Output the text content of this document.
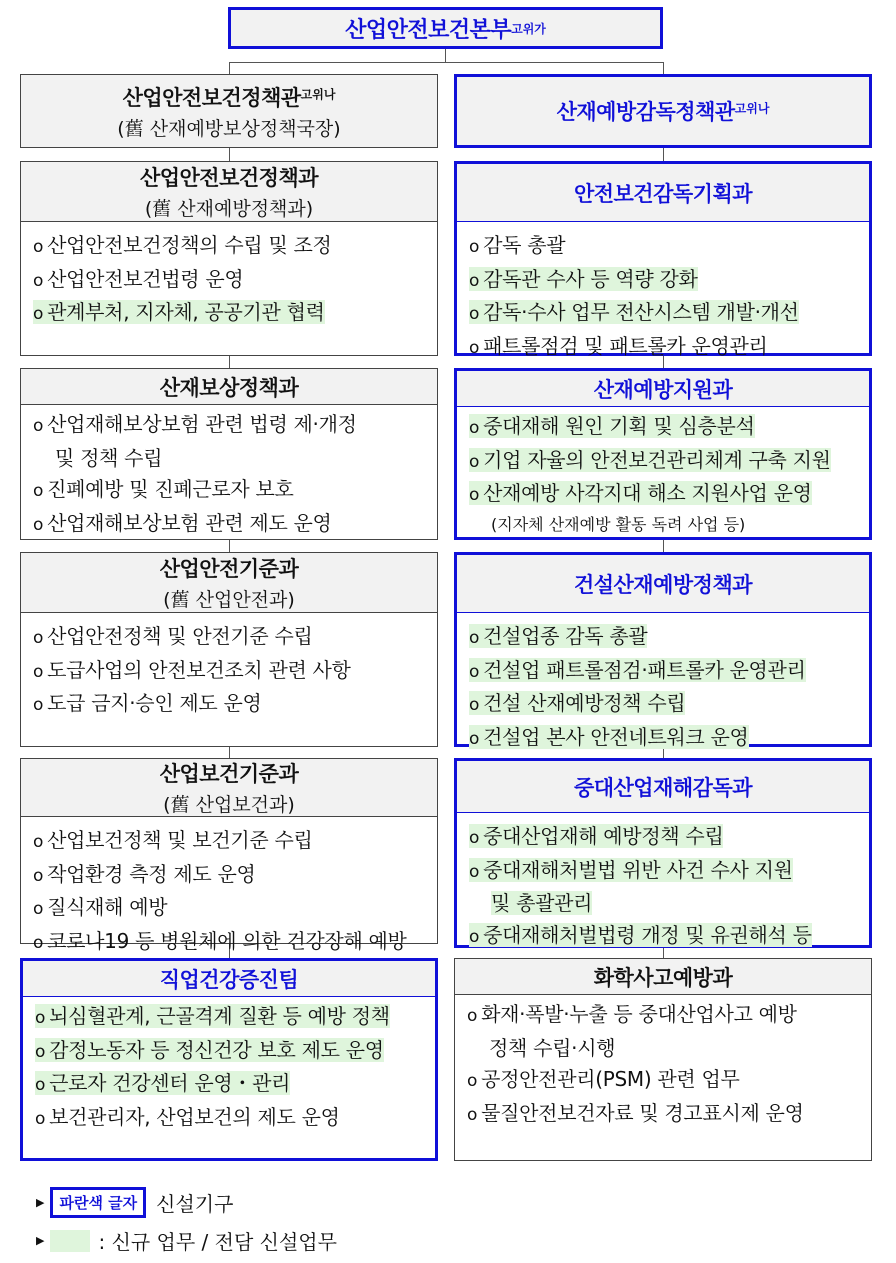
산업안전보건본부 고위가
산업안전보건정책관$^{고위나}$
(舊 산재예방보상정책국장)
산재예방감독정책관$^{고위나}$
산업안전보건정책과
(舊 산재예방정책과)
o 산업안전보건정책의 수립 및 조정
o 산업안전보건법령 운영
o 관계부처, 지자체, 공공기관 협력
산재보상정책과
o 산업재해보상보험 관련 법령 제·개정
및 정책 수립
o 진폐예방 및 진폐근로자 보호
o 산업재해보상보험 관련 제도 운영
산업안전기준과
(舊 산업안전과)
o 산업안전정책 및 안전기준 수립
o 도급사업의 안전보건조치 관련 사항
o 도급 금지·승인 제도 운영
산업보건기준과
(舊 산업보건과)
o 산업보건정책 및 보건기준 수립
o 작업환경 측정 제도 운영
o 질식재해 예방
o 코로나19 등 병원체에 의한 건강장해 예방
직업건강증진팀
o 뇌심혈관계, 근골격계 질환 등 예방 정책
o 감정노동자 등 정신건강 보호 제도 운영
o 근로자 건강센터 운영・관리
o 보건관리자, 산업보건의 제도 운영
안전보건감독기획과
o 감독 총괄
o 감독관 수사 등 역량 강화
o 감독·수사 업무 전산시스템 개발·개선
o 패트롤점검 및 패트롤카 운영관리
산재예방지원과
o 중대재해 원인 기획 및 심층분석
o 기업 자율의 안전보건관리체계 구축 지원
o 산재예방 사각지대 해소 지원사업 운영
(지자체 산재예방 활동 독려 사업 등)
건설산재예방정책과
o 건설업종 감독 총괄
o 건설업 패트롤점검·패트롤카 운영관리
o 건설 산재예방정책 수립
o 건설업 본사 안전네트워크 운영
중대산업재해감독과
o 중대산업재해 예방정책 수립
o 중대재해처벌법 위반 사건 수사 지원
및 총괄관리
o 중대재해처벌법령 개정 및 유권해석 등
화학사고예방과
o 화재·폭발·누출 등 중대산업사고 예방
정책 수립·시행
o 공정안전관리(PSM) 관련 업무
o 물질안전보건자료 및 경고표시제 운영
▶	파란색 글자 신설기구
▶	: 신규 업무 / 전담 신설업무
